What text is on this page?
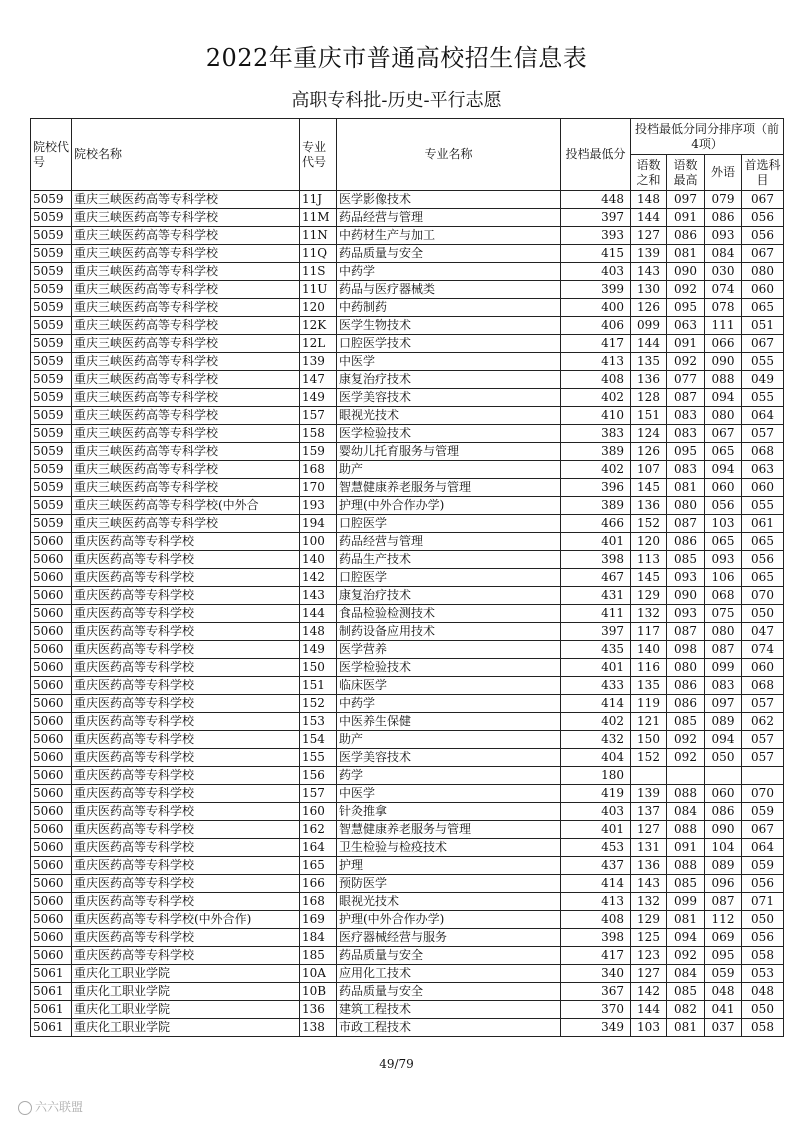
2022年重庆市普通高校招生信息表
高职专科批-历史-平行志愿
院校代号	院校名称	专业代号	专业名称	投档最低分	投档最低分同分排序项（前4项）			
					语数之和	语数最高	外语	首选科目
5059	重庆三峡医药高等专科学校	11J	医学影像技术	448	148	097	079	067
5059	重庆三峡医药高等专科学校	11M	药品经营与管理	397	144	091	086	056
5059	重庆三峡医药高等专科学校	11N	中药材生产与加工	393	127	086	093	056
5059	重庆三峡医药高等专科学校	11Q	药品质量与安全	415	139	081	084	067
5059	重庆三峡医药高等专科学校	11S	中药学	403	143	090	030	080
5059	重庆三峡医药高等专科学校	11U	药品与医疗器械类	399	130	092	074	060
5059	重庆三峡医药高等专科学校	120	中药制药	400	126	095	078	065
5059	重庆三峡医药高等专科学校	12K	医学生物技术	406	099	063	111	051
5059	重庆三峡医药高等专科学校	12L	口腔医学技术	417	144	091	066	067
5059	重庆三峡医药高等专科学校	139	中医学	413	135	092	090	055
5059	重庆三峡医药高等专科学校	147	康复治疗技术	408	136	077	088	049
5059	重庆三峡医药高等专科学校	149	医学美容技术	402	128	087	094	055
5059	重庆三峡医药高等专科学校	157	眼视光技术	410	151	083	080	064
5059	重庆三峡医药高等专科学校	158	医学检验技术	383	124	083	067	057
5059	重庆三峡医药高等专科学校	159	婴幼儿托育服务与管理	389	126	095	065	068
5059	重庆三峡医药高等专科学校	168	助产	402	107	083	094	063
5059	重庆三峡医药高等专科学校	170	智慧健康养老服务与管理	396	145	081	060	060
5059	重庆三峡医药高等专科学校(中外合	193	护理(中外合作办学)	389	136	080	056	055
5059	重庆三峡医药高等专科学校	194	口腔医学	466	152	087	103	061
5060	重庆医药高等专科学校	100	药品经营与管理	401	120	086	065	065
5060	重庆医药高等专科学校	140	药品生产技术	398	113	085	093	056
5060	重庆医药高等专科学校	142	口腔医学	467	145	093	106	065
5060	重庆医药高等专科学校	143	康复治疗技术	431	129	090	068	070
5060	重庆医药高等专科学校	144	食品检验检测技术	411	132	093	075	050
5060	重庆医药高等专科学校	148	制药设备应用技术	397	117	087	080	047
5060	重庆医药高等专科学校	149	医学营养	435	140	098	087	074
5060	重庆医药高等专科学校	150	医学检验技术	401	116	080	099	060
5060	重庆医药高等专科学校	151	临床医学	433	135	086	083	068
5060	重庆医药高等专科学校	152	中药学	414	119	086	097	057
5060	重庆医药高等专科学校	153	中医养生保健	402	121	085	089	062
5060	重庆医药高等专科学校	154	助产	432	150	092	094	057
5060	重庆医药高等专科学校	155	医学美容技术	404	152	092	050	057
5060	重庆医药高等专科学校	156	药学	180				
5060	重庆医药高等专科学校	157	中医学	419	139	088	060	070
5060	重庆医药高等专科学校	160	针灸推拿	403	137	084	086	059
5060	重庆医药高等专科学校	162	智慧健康养老服务与管理	401	127	088	090	067
5060	重庆医药高等专科学校	164	卫生检验与检疫技术	453	131	091	104	064
5060	重庆医药高等专科学校	165	护理	437	136	088	089	059
5060	重庆医药高等专科学校	166	预防医学	414	143	085	096	056
5060	重庆医药高等专科学校	168	眼视光技术	413	132	099	087	071
5060	重庆医药高等专科学校(中外合作)	169	护理(中外合作办学)	408	129	081	112	050
5060	重庆医药高等专科学校	184	医疗器械经营与服务	398	125	094	069	056
5060	重庆医药高等专科学校	185	药品质量与安全	417	123	092	095	058
5061	重庆化工职业学院	10A	应用化工技术	340	127	084	059	053
5061	重庆化工职业学院	10B	药品质量与安全	367	142	085	048	048
5061	重庆化工职业学院	136	建筑工程技术	370	144	082	041	050
5061	重庆化工职业学院	138	市政工程技术	349	103	081	037	058
49/79
六六联盟
